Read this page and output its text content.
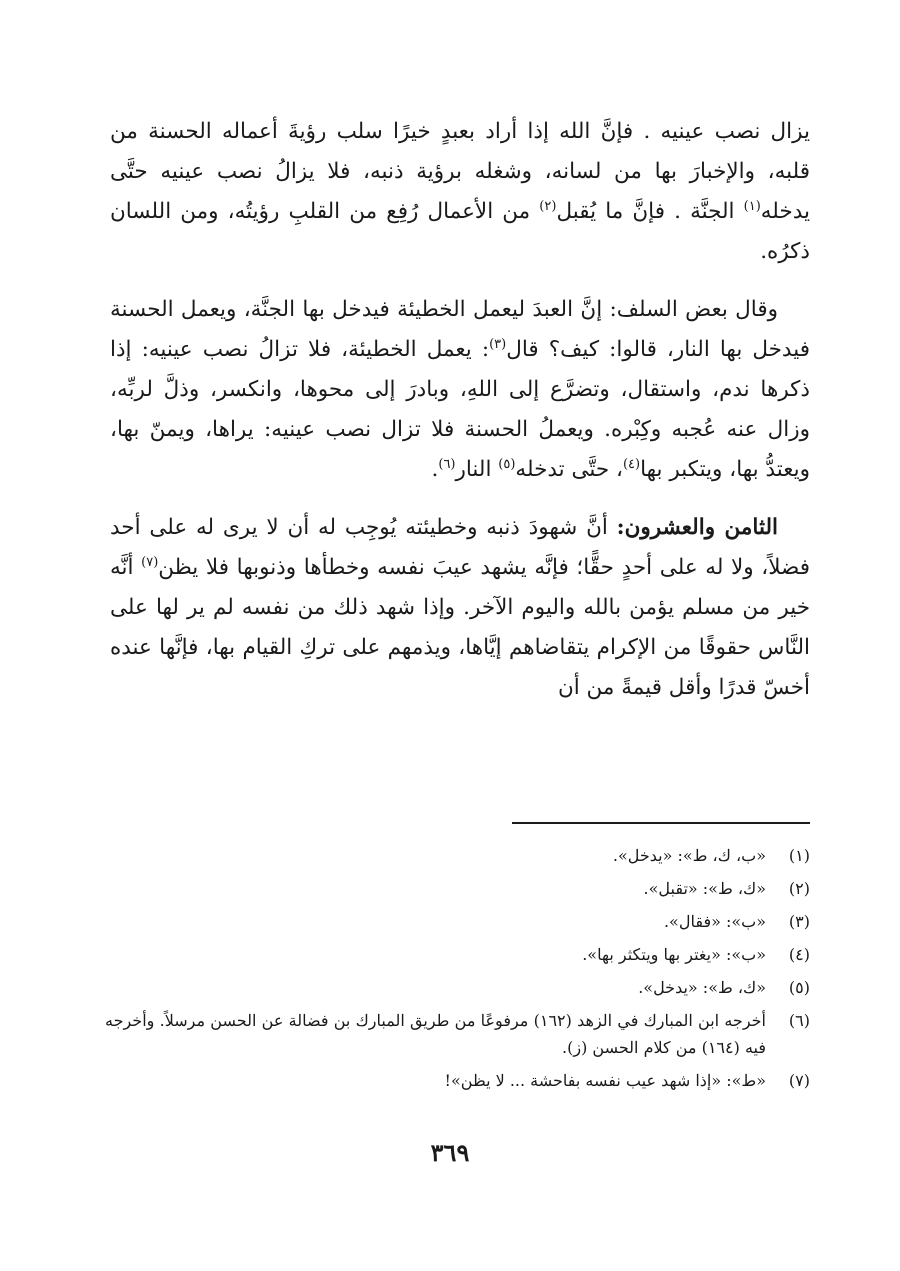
يزال نصب عينيه . فإنَّ الله إذا أراد بعبدٍ خيرًا سلب رؤيةَ أعماله الحسنة من قلبه، والإخبارَ بها من لسانه، وشغله برؤية ذنبه، فلا يزالُ نصب عينيه حتَّى يدخله$^{(١)}$ الجنَّة . فإنَّ ما يُقبل$^{(٢)}$ من الأعمال رُفِع من القلبِ رؤيتُه، ومن اللسان ذكرُه.

وقال بعض السلف: إنَّ العبدَ ليعمل الخطيئة فيدخل بها الجنَّة، ويعمل الحسنة فيدخل بها النار، قالوا: كيف؟ قال$^{(٣)}$: يعمل الخطيئة، فلا تزالُ نصب عينيه: إذا ذكرها ندم، واستقال، وتضرَّع إلى اللهِ، وبادرَ إلى محوها، وانكسر، وذلَّ لربِّه، وزال عنه عُجبه وكِبْره. ويعملُ الحسنة فلا تزال نصب عينيه: يراها، ويمنّ بها، ويعتدُّ بها، ويتكبر بها$^{(٤)}$، حتَّى تدخله$^{(٥)}$ النار$^{(٦)}$.

الثامن والعشرون: أنَّ شهودَ ذنبه وخطيئته يُوجِب له أن لا يرى له على أحد فضلاً، ولا له على أحدٍ حقًّا؛ فإنَّه يشهد عيبَ نفسه وخطأها وذنوبها فلا يظن$^{(٧)}$ أنَّه خير من مسلم يؤمن بالله واليوم الآخر. وإذا شهد ذلك من نفسه لم ير لها على النَّاس حقوقًا من الإكرام يتقاضاهم إيَّاها، ويذمهم على تركِ القيام بها، فإنَّها عنده أخسّ قدرًا وأقل قيمةً من أن

(١)
«ب، ك، ط»: «يدخل».
(٢)
«ك، ط»: «تقبل».
(٣)
«ب»: «فقال».
(٤)
«ب»: «يغتر بها ويتكثر بها».
(٥)
«ك، ط»: «يدخل».
(٦)
أخرجه ابن المبارك في الزهد (١٦٢) مرفوعًا من طريق المبارك بن فضالة عن الحسن مرسلاً. وأخرجه فيه (١٦٤) من كلام الحسن (ز).
(٧)
«ط»: «إذا شهد عيب نفسه بفاحشة ... لا يظن»!
٣٦٩
